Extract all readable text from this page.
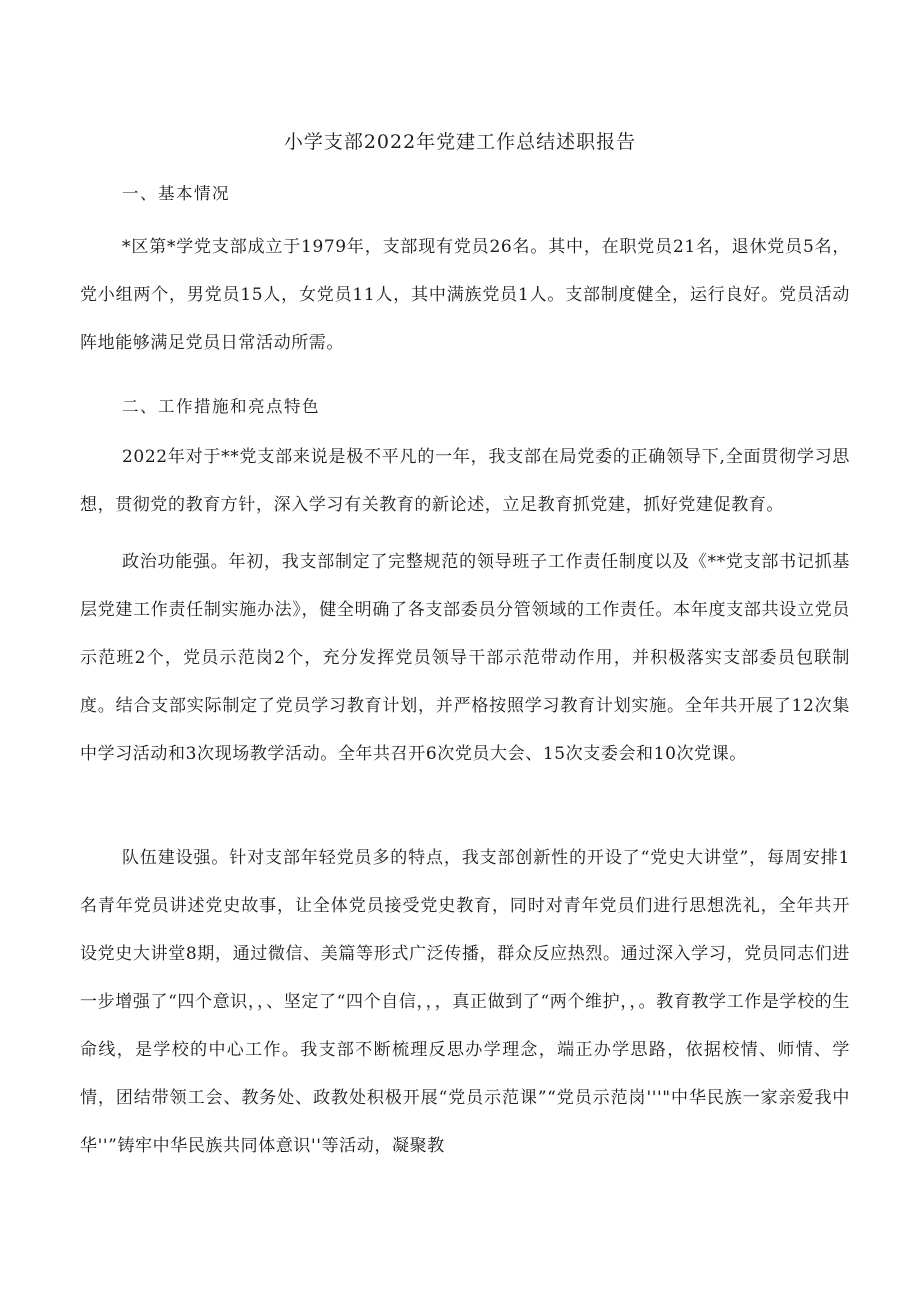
小学支部2022年党建工作总结述职报告
一、基本情况
*区第*学党支部成立于1979年，支部现有党员26名。其中，在职党员21名，退休党员5名，党小组两个，男党员15人，女党员11人，其中满族党员1人。支部制度健全，运行良好。党员活动阵地能够满足党员日常活动所需。
二、工作措施和亮点特色
2022年对于**党支部来说是极不平凡的一年，我支部在局党委的正确领导下,全面贯彻学习思想，贯彻党的教育方针，深入学习有关教育的新论述，立足教育抓党建，抓好党建促教育。
政治功能强。年初，我支部制定了完整规范的领导班子工作责任制度以及《**党支部书记抓基层党建工作责任制实施办法》，健全明确了各支部委员分管领域的工作责任。本年度支部共设立党员示范班2个，党员示范岗2个，充分发挥党员领导干部示范带动作用，并积极落实支部委员包联制度。结合支部实际制定了党员学习教育计划，并严格按照学习教育计划实施。全年共开展了12次集中学习活动和3次现场教学活动。全年共召开6次党员大会、15次支委会和10次党课。
队伍建设强。针对支部年轻党员多的特点，我支部创新性的开设了“党史大讲堂”，每周安排1名青年党员讲述党史故事，让全体党员接受党史教育，同时对青年党员们进行思想洗礼，全年共开设党史大讲堂8期，通过微信、美篇等形式广泛传播，群众反应热烈。通过深入学习，党员同志们进一步增强了“四个意识，，、坚定了“四个自信，，，真正做到了“两个维护，，。教育教学工作是学校的生命线，是学校的中心工作。我支部不断梳理反思办学理念，端正办学思路，依据校情、师情、学情，团结带领工会、教务处、政教处积极开展“党员示范课”“党员示范岗'''"中华民族一家亲爱我中华''”铸牢中华民族共同体意识''等活动，凝聚教
